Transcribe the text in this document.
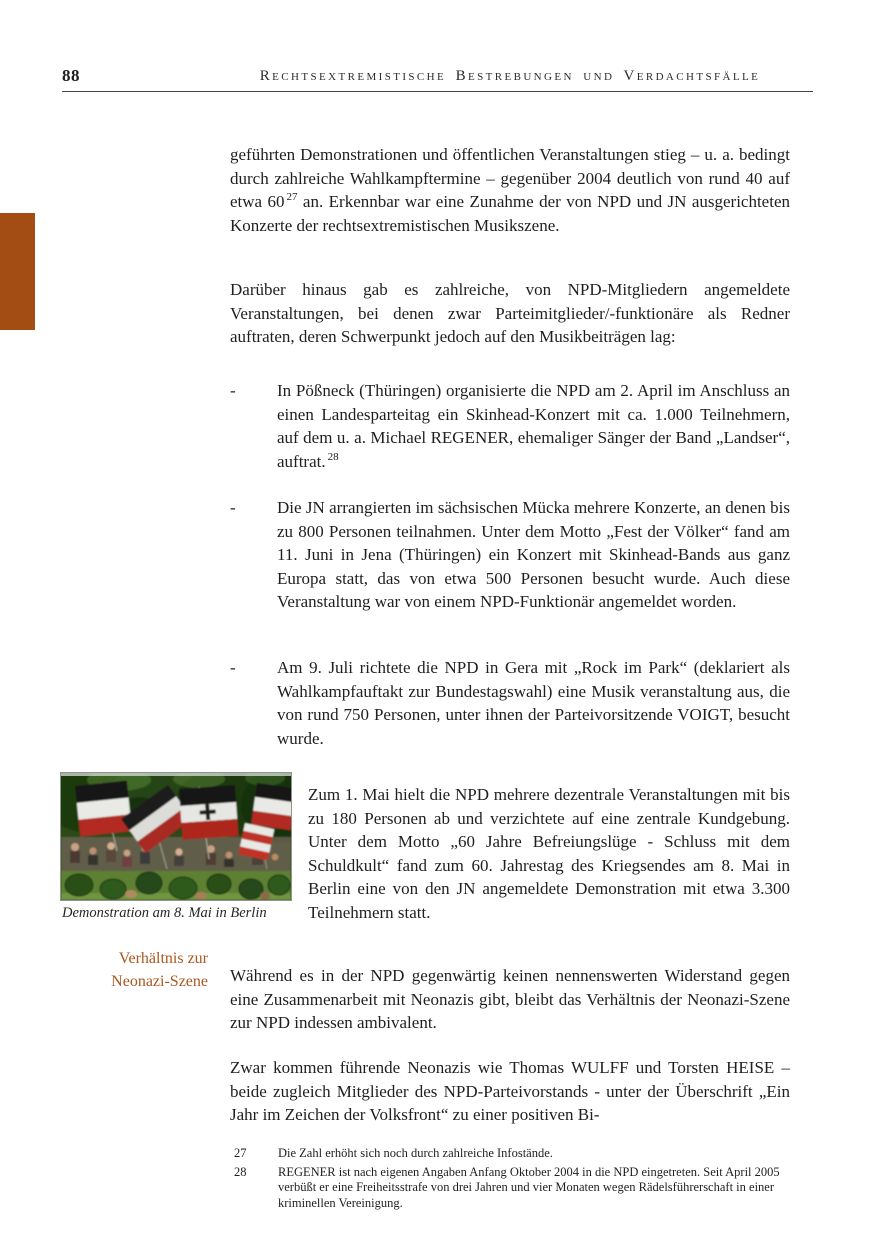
88	Rechtsextremistische Bestrebungen und Verdachtsfälle

geführten Demonstrationen und öffentlichen Veranstaltungen stieg – u. a. bedingt durch zahlreiche Wahlkampftermine – gegenüber 2004 deutlich von rund 40 auf etwa 60 $^{27}$ an. Erkennbar war eine Zunahme der von NPD und JN ausgerichteten Konzerte der rechtsextremistischen Musikszene.

Darüber hinaus gab es zahlreiche, von NPD-Mitgliedern angemeldete Veranstaltungen, bei denen zwar Parteimitglieder/-funktionäre als Redner auftraten, deren Schwerpunkt jedoch auf den Musikbeiträgen lag:

-	In Pößneck (Thüringen) organisierte die NPD am 2. April im Anschluss an einen Landesparteitag ein Skinhead-Konzert mit ca. 1.000 Teilnehmern, auf dem u. a. Michael REGENER, ehemaliger Sänger der Band „Landser“, auftrat. $^{28}$
-	Die JN arrangierten im sächsischen Mücka mehrere Konzerte, an denen bis zu 800 Personen teilnahmen. Unter dem Motto „Fest der Völker“ fand am 11. Juni in Jena (Thüringen) ein Konzert mit Skinhead-Bands aus ganz Europa statt, das von etwa 500 Personen besucht wurde. Auch diese Veranstaltung war von einem NPD-Funktionär angemeldet worden.
-	Am 9. Juli richtete die NPD in Gera mit „Rock im Park“ (deklariert als Wahlkampfauftakt zur Bundestagswahl) eine Musik veranstaltung aus, die von rund 750 Personen, unter ihnen der Parteivorsitzende VOIGT, besucht wurde.
Demonstration am 8. Mai in Berlin
Verhältnis zur Neonazi-Szene

Zum 1. Mai hielt die NPD mehrere dezentrale Veranstaltungen mit bis zu 180 Personen ab und verzichtete auf eine zentrale Kundgebung. Unter dem Motto „60 Jahre Befreiungslüge - Schluss mit dem Schuldkult“ fand zum 60. Jahrestag des Kriegsendes am 8. Mai in Berlin eine von den JN angemeldete Demonstration mit etwa 3.300 Teilnehmern statt.

Während es in der NPD gegenwärtig keinen nennenswerten Widerstand gegen eine Zusammenarbeit mit Neonazis gibt, bleibt das Verhältnis der Neonazi-Szene zur NPD indessen ambivalent.

Zwar kommen führende Neonazis wie Thomas WULFF und Torsten HEISE – beide zugleich Mitglieder des NPD-Parteivorstands - unter der Überschrift „Ein Jahr im Zeichen der Volksfront“ zu einer positiven Bi-

27	Die Zahl erhöht sich noch durch zahlreiche Infostände.
28	REGENER ist nach eigenen Angaben Anfang Oktober 2004 in die NPD eingetreten. Seit April 2005 verbüßt er eine Freiheitsstrafe von drei Jahren und vier Monaten wegen Rädelsführerschaft in einer kriminellen Vereinigung.
